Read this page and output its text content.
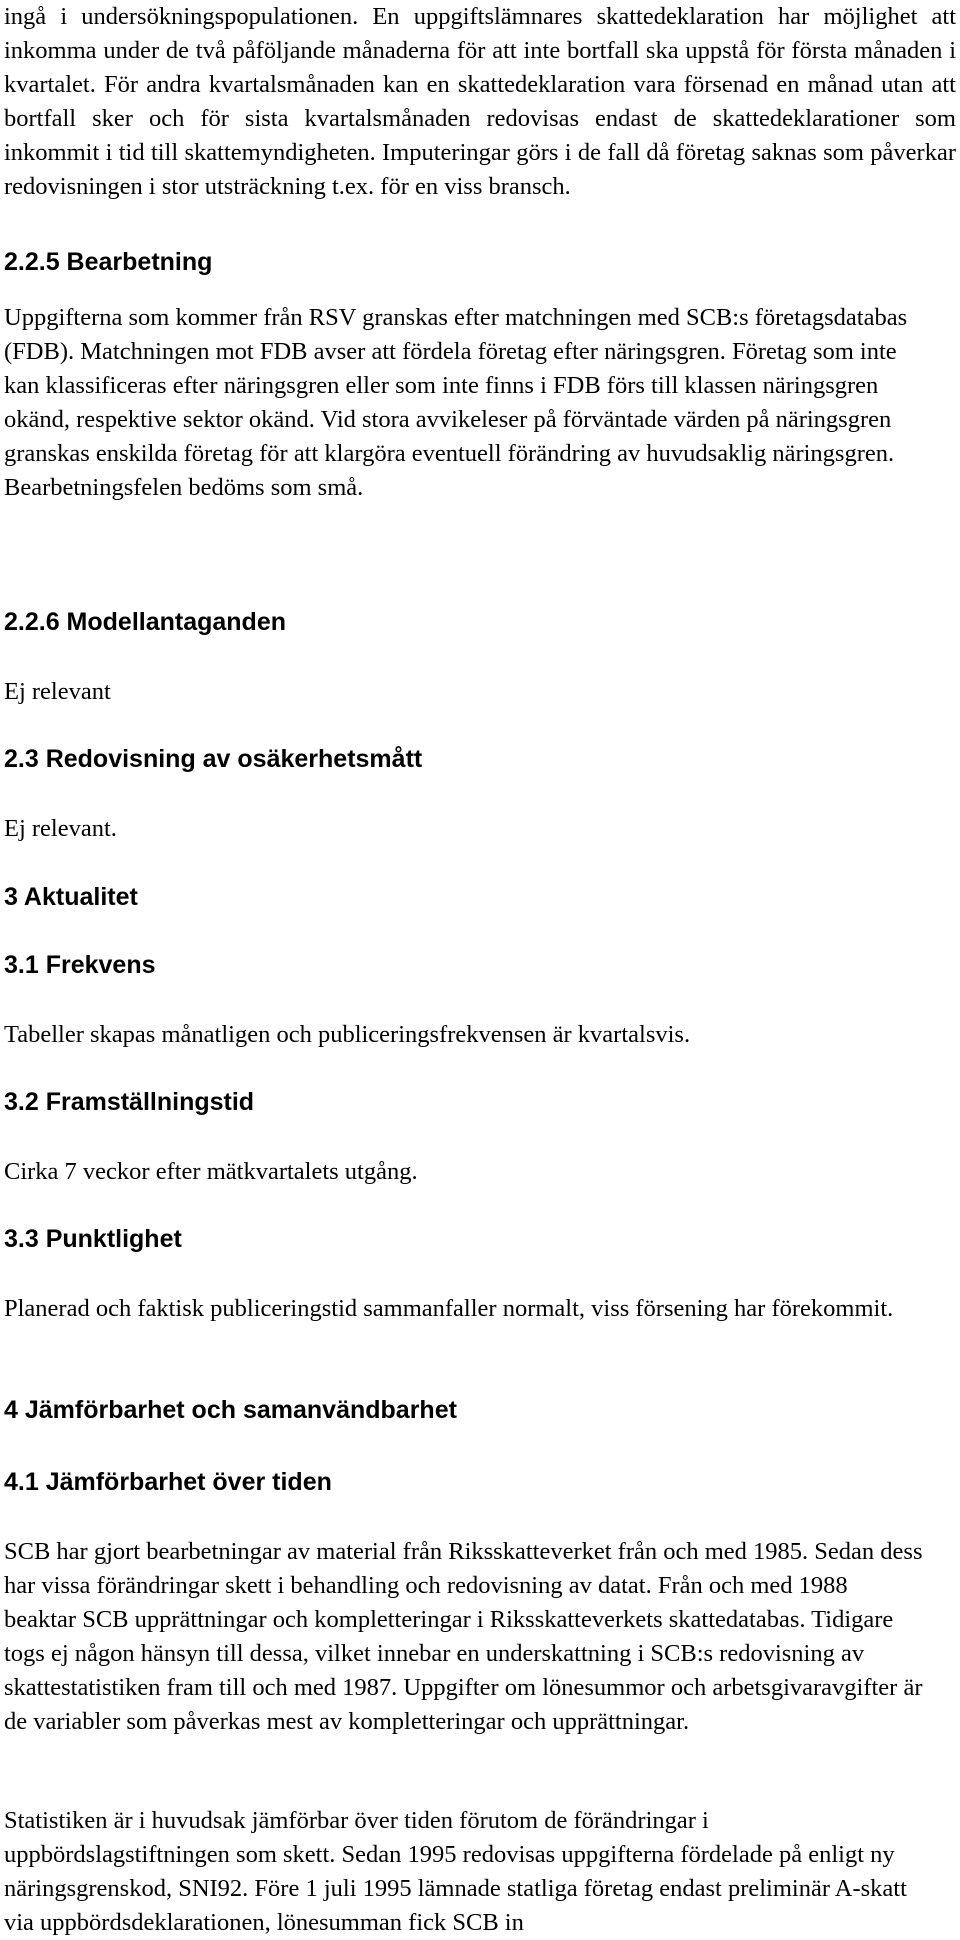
ingå i undersökningspopulationen. En uppgiftslämnares skattedeklaration har möjlighet att inkomma under de två påföljande månaderna för att inte bortfall ska uppstå för första månaden i kvartalet. För andra kvartalsmånaden kan en skattedeklaration vara försenad en månad utan att bortfall sker och för sista kvartalsmånaden redovisas endast de skattedeklarationer som inkommit i tid till skattemyndigheten. Imputeringar görs i de fall då företag saknas som påverkar redovisningen i stor utsträckning t.ex. för en viss bransch.

2.2.5 Bearbetning

Uppgifterna som kommer från RSV granskas efter matchningen med SCB:s företagsdatabas (FDB). Matchningen mot FDB avser att fördela företag efter näringsgren. Företag som inte kan klassificeras efter näringsgren eller som inte finns i FDB förs till klassen näringsgren okänd, respektive sektor okänd. Vid stora avvikeleser på förväntade värden på näringsgren granskas enskilda företag för att klargöra eventuell förändring av huvudsaklig näringsgren. Bearbetningsfelen bedöms som små.

2.2.6 Modellantaganden

Ej relevant

2.3 Redovisning av osäkerhetsmått

Ej relevant.

3 Aktualitet
3.1 Frekvens

Tabeller skapas månatligen och publiceringsfrekvensen är kvartalsvis.

3.2 Framställningstid

Cirka 7 veckor efter mätkvartalets utgång.

3.3 Punktlighet

Planerad och faktisk publiceringstid sammanfaller normalt, viss försening har förekommit.

4 Jämförbarhet och samanvändbarhet
4.1 Jämförbarhet över tiden

SCB har gjort bearbetningar av material från Riksskatteverket från och med 1985. Sedan dess har vissa förändringar skett i behandling och redovisning av datat. Från och med 1988 beaktar SCB upprättningar och kompletteringar i Riksskatteverkets skattedatabas. Tidigare togs ej någon hänsyn till dessa, vilket innebar en underskattning i SCB:s redovisning av skattestatistiken fram till och med 1987. Uppgifter om lönesummor och arbetsgivaravgifter är de variabler som påverkas mest av kompletteringar och upprättningar.

Statistiken är i huvudsak jämförbar över tiden förutom de förändringar i uppbördslagstiftningen som skett. Sedan 1995 redovisas uppgifterna fördelade på enligt ny näringsgrenskod, SNI92. Före 1 juli 1995 lämnade statliga företag endast preliminär A-skatt via uppbördsdeklarationen, lönesumman fick SCB in
